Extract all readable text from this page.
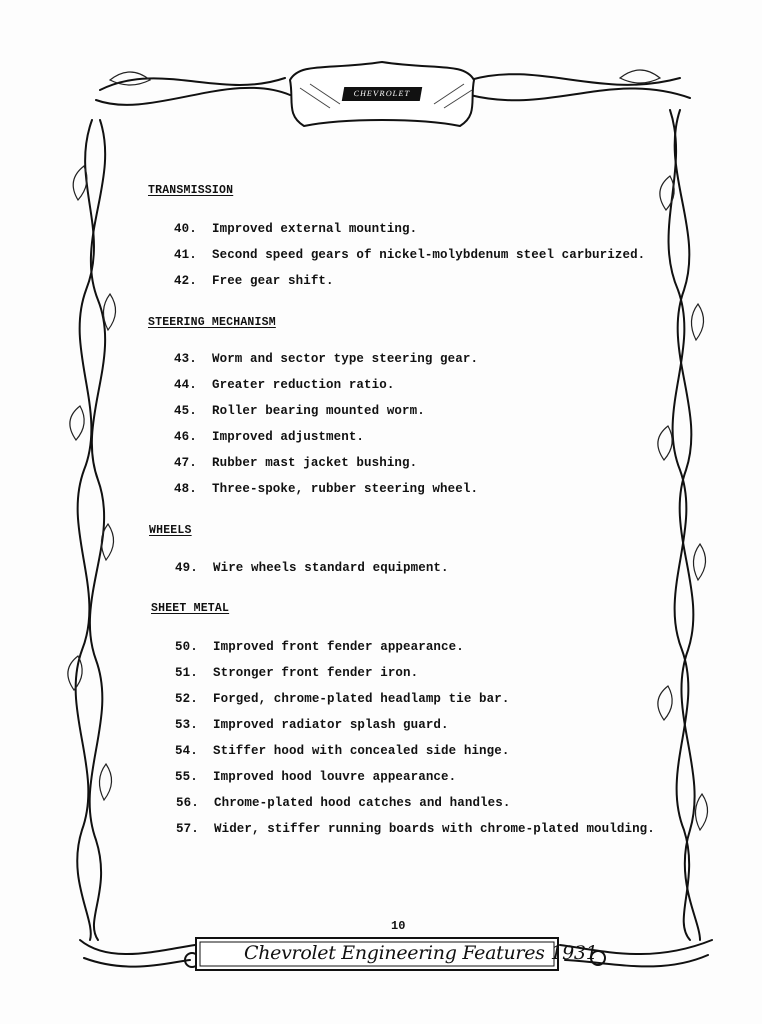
CHEVROLET
TRANSMISSION
40. Improved external mounting.
41. Second speed gears of nickel-molybdenum steel carburized.
42. Free gear shift.
STEERING MECHANISM
43. Worm and sector type steering gear.
44. Greater reduction ratio.
45. Roller bearing mounted worm.
46. Improved adjustment.
47. Rubber mast jacket bushing.
48. Three-spoke, rubber steering wheel.
WHEELS
49. Wire wheels standard equipment.
SHEET METAL
50. Improved front fender appearance.
51. Stronger front fender iron.
52. Forged, chrome-plated headlamp tie bar.
53. Improved radiator splash guard.
54. Stiffer hood with concealed side hinge.
55. Improved hood louvre appearance.
56. Chrome-plated hood catches and handles.
57. Wider, stiffer running boards with chrome-plated moulding.
10
Chevrolet Engineering Features 1931
